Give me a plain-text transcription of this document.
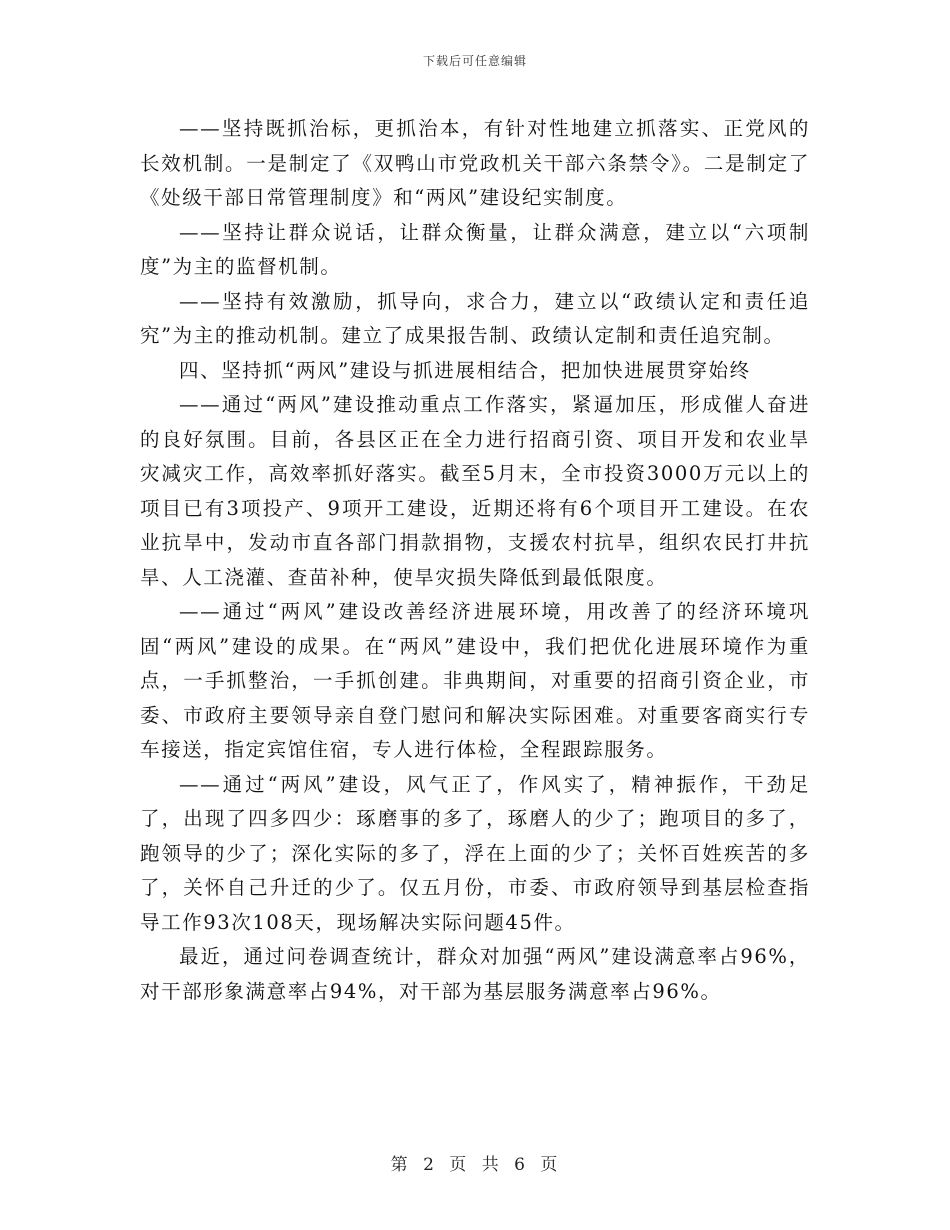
下载后可任意编辑

——坚持既抓治标，更抓治本，有针对性地建立抓落实、正党风的长效机制。一是制定了《双鸭山市党政机关干部六条禁令》。二是制定了《处级干部日常管理制度》和“两风”建设纪实制度。

——坚持让群众说话，让群众衡量，让群众满意，建立以“六项制度”为主的监督机制。

——坚持有效激励，抓导向，求合力，建立以“政绩认定和责任追究”为主的推动机制。建立了成果报告制、政绩认定制和责任追究制。

四、坚持抓“两风”建设与抓进展相结合，把加快进展贯穿始终

——通过“两风”建设推动重点工作落实，紧逼加压，形成催人奋进的良好氛围。目前，各县区正在全力进行招商引资、项目开发和农业旱灾减灾工作，高效率抓好落实。截至5月末，全市投资3000万元以上的项目已有3项投产、9项开工建设，近期还将有6个项目开工建设。在农业抗旱中，发动市直各部门捐款捐物，支援农村抗旱，组织农民打井抗旱、人工浇灌、查苗补种，使旱灾损失降低到最低限度。

——通过“两风”建设改善经济进展环境，用改善了的经济环境巩固“两风”建设的成果。在“两风”建设中，我们把优化进展环境作为重点，一手抓整治，一手抓创建。非典期间，对重要的招商引资企业，市委、市政府主要领导亲自登门慰问和解决实际困难。对重要客商实行专车接送，指定宾馆住宿，专人进行体检，全程跟踪服务。

——通过“两风”建设，风气正了，作风实了，精神振作，干劲足了，出现了四多四少：琢磨事的多了，琢磨人的少了；跑项目的多了，跑领导的少了；深化实际的多了，浮在上面的少了；关怀百姓疾苦的多了，关怀自己升迁的少了。仅五月份，市委、市政府领导到基层检查指导工作93次108天，现场解决实际问题45件。

最近，通过问卷调查统计，群众对加强“两风”建设满意率占96%，对干部形象满意率占94%，对干部为基层服务满意率占96%。

第 2 页 共 6 页
